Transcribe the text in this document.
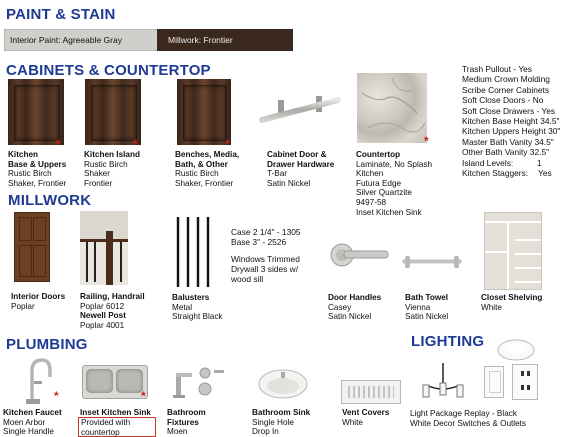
PAINT & STAIN
Interior Paint: Agreeable Gray	Millwork: Frontier
CABINETS & COUNTERTOP
*
Kitchen
Base & Uppers
Rustic Birch
Shaker, Frontier
*
Kitchen Island
Rustic Birch
Shaker
Frontier
*
Benches, Media,
Bath, & Other
Rustic Birch
Shaker, Frontier
Cabinet Door &
Drawer Hardware
T-Bar
Satin Nickel
*
Countertop
Laminate, No Splash
Kitchen
Futura Edge
Silver Quartzite
9497-58
Inset Kitchen Sink
Trash Pullout - Yes
Medium Crown Molding
Scribe Corner Cabinets
Soft Close Doors - No
Soft Close Drawers - Yes
Kitchen Base Height 34.5"
Kitchen Uppers Height 30"
Master Bath Vanity 34.5"
Other Bath Vanity 32.5"
Island Levels:	1
Kitchen Staggers: Yes
MILLWORK
Interior Doors
Poplar
Railing, Handrail
Poplar 6012
Newell Post
Poplar 4001
Balusters
Metal
Straight Black
Case 2 1/4" - 1305
Base 3" - 2526
Windows Trimmed
Drywall 3 sides w/
wood sill
Door Handles
Casey
Satin Nickel
Bath Towel
Vienna
Satin Nickel
Closet Shelving
White
PLUMBING
*
Kitchen Faucet
Moen Arbor
Single Handle
*
Inset Kitchen Sink
Provided with
countertop
Bathroom
Fixtures
Moen
Bathroom Sink
Single Hole
Drop In
Vent Covers
White
LIGHTING
Light Package Replay - Black
White Decor Switches & Outlets
